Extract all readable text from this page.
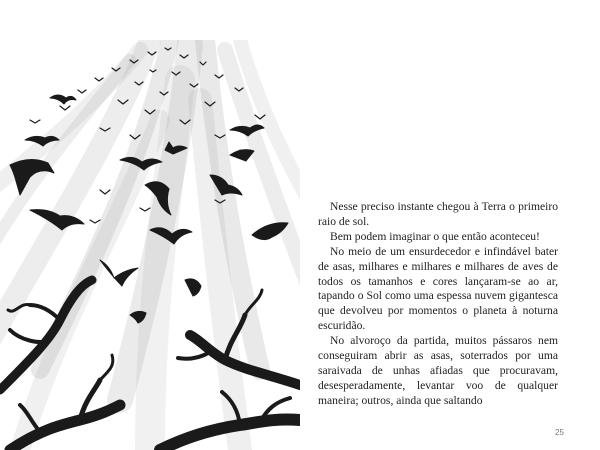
Nesse preciso instante chegou à Terra o primeiro raio de sol.

Bem podem imaginar o que então aconteceu!

No meio de um ensurdecedor e infindável bater de asas, milhares e milhares e milhares de aves de todos os tamanhos e cores lançaram-se ao ar, tapando o Sol como uma espessa nuvem gigantesca que devolveu por momentos o planeta à noturna escuridão.

No alvoroço da partida, muitos pássaros nem conseguiram abrir as asas, soterrados por uma saraivada de unhas afiadas que procuravam, desesperadamente, levantar voo de qualquer maneira; outros, ainda que saltando

25
